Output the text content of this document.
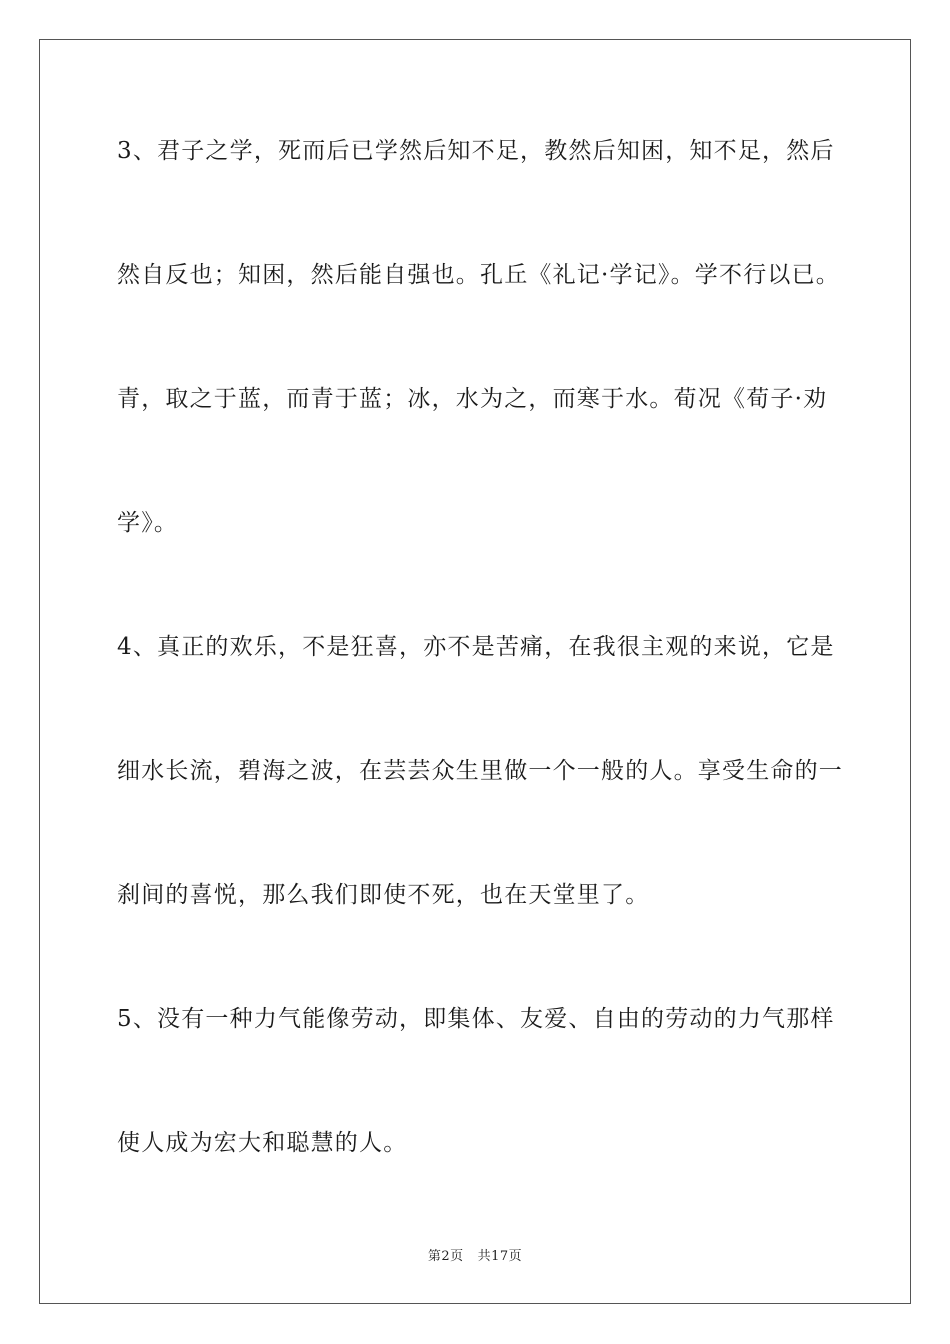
3、君子之学，死而后已学然后知不足，教然后知困，知不足，然后
然自反也；知困，然后能自强也。孔丘《礼记·学记》。学不行以已。
青，取之于蓝，而青于蓝；冰，水为之，而寒于水。荀况《荀子·劝
学》。
4、真正的欢乐，不是狂喜，亦不是苦痛，在我很主观的来说，它是
细水长流，碧海之波，在芸芸众生里做一个一般的人。享受生命的一
刹间的喜悦，那么我们即使不死，也在天堂里了。
5、没有一种力气能像劳动，即集体、友爱、自由的劳动的力气那样
使人成为宏大和聪慧的人。
第2页 共17页
